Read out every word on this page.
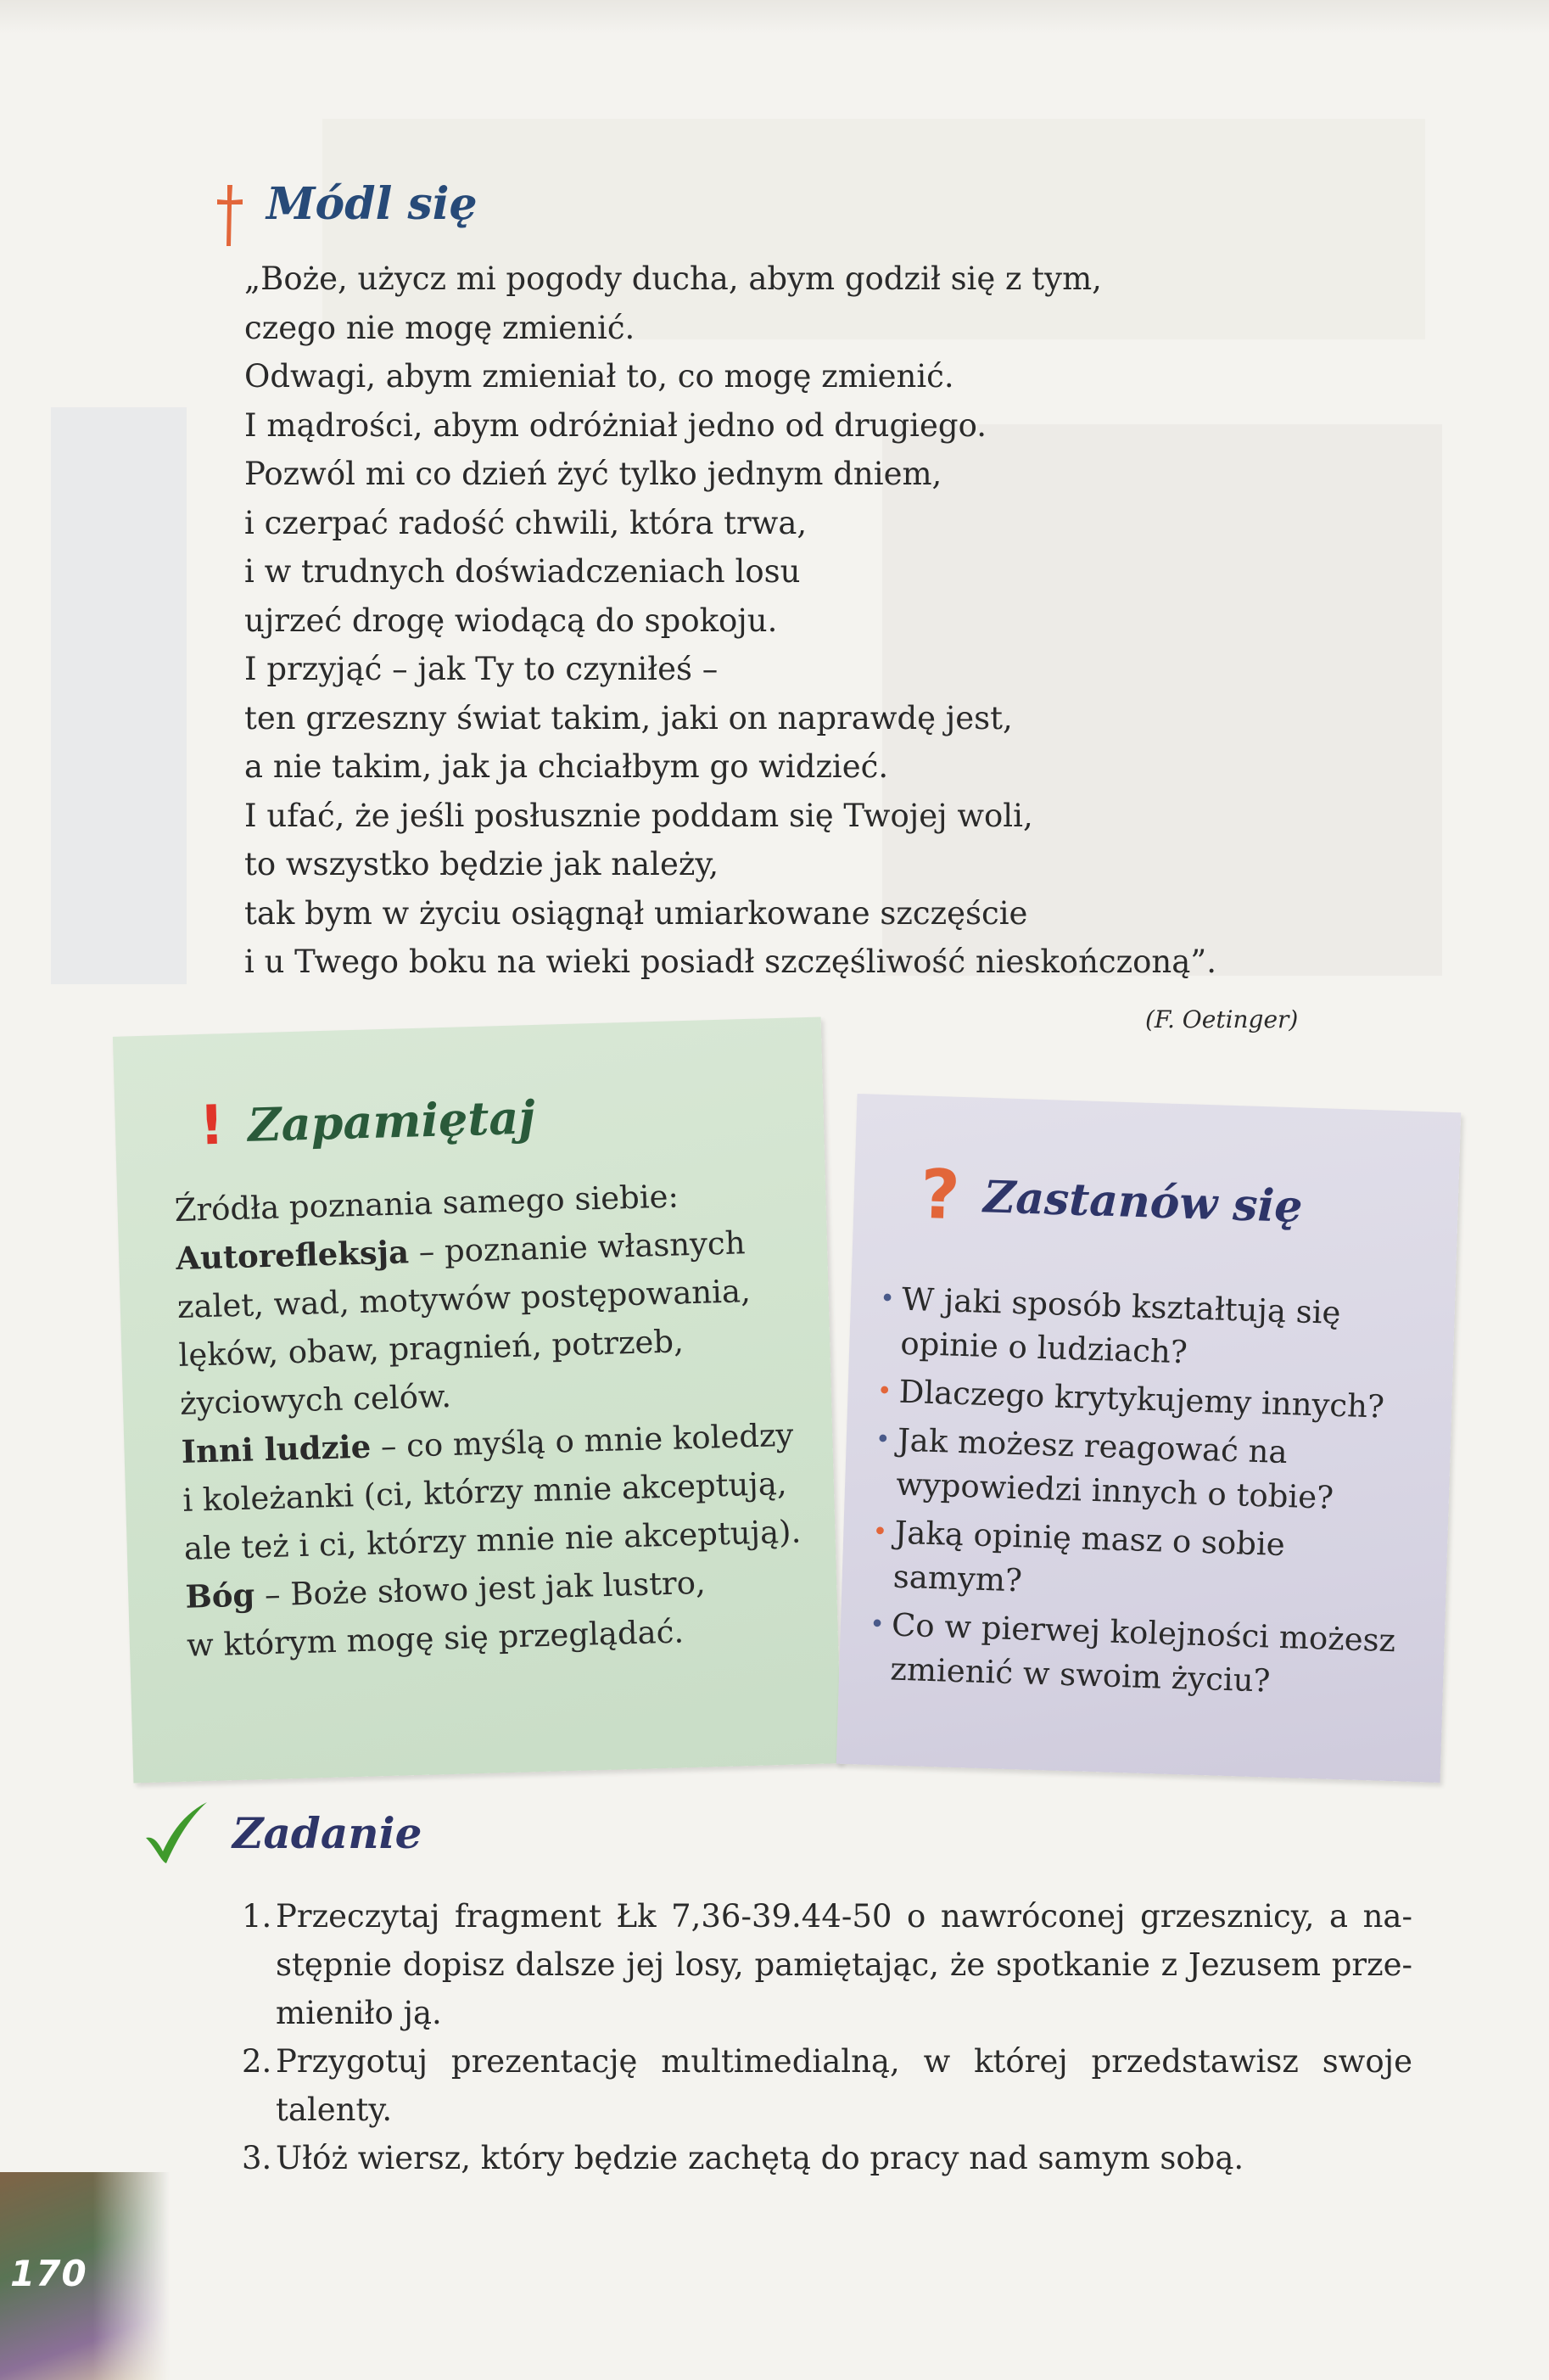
170
Módl się
„Boże, użycz mi pogody ducha, abym godził się z tym,
czego nie mogę zmienić.
Odwagi, abym zmieniał to, co mogę zmienić.
I mądrości, abym odróżniał jedno od drugiego.
Pozwól mi co dzień żyć tylko jednym dniem,
i czerpać radość chwili, która trwa,
i w trudnych doświadczeniach losu
ujrzeć drogę wiodącą do spokoju.
I przyjąć – jak Ty to czyniłeś –
ten grzeszny świat takim, jaki on naprawdę jest,
a nie takim, jak ja chciałbym go widzieć.
I ufać, że jeśli posłusznie poddam się Twojej woli,
to wszystko będzie jak należy,
tak bym w życiu osiągnął umiarkowane szczęście
i u Twego boku na wieki posiadł szczęśliwość nieskończoną”.
(F. Oetinger)
! Zapamiętaj
Źródła poznania samego siebie:
Autorefleksja – poznanie własnych
zalet, wad, motywów postępowania,
lęków, obaw, pragnień, potrzeb,
życiowych celów.
Inni ludzie – co myślą o mnie koledzy
i koleżanki (ci, którzy mnie akceptują,
ale też i ci, którzy mnie nie akceptują).
Bóg – Boże słowo jest jak lustro,
w którym mogę się przeglądać.
? Zastanów się
• W jaki sposób kształtują się
opinie o ludziach?
• Dlaczego krytykujemy innych?
• Jak możesz reagować na
wypowiedzi innych o tobie?
• Jaką opinię masz o sobie
samym?
• Co w pierwej kolejności możesz
zmienić w swoim życiu?
Zadanie
1. Przeczytaj fragment Łk 7,36-39.44-50 o nawróconej grzesznicy, a na-
stępnie dopisz dalsze jej losy, pamiętając, że spotkanie z Jezusem prze-
mieniło ją.
2. Przygotuj prezentację multimedialną, w której przedstawisz swoje
talenty.
3. Ułóż wiersz, który będzie zachętą do pracy nad samym sobą.
